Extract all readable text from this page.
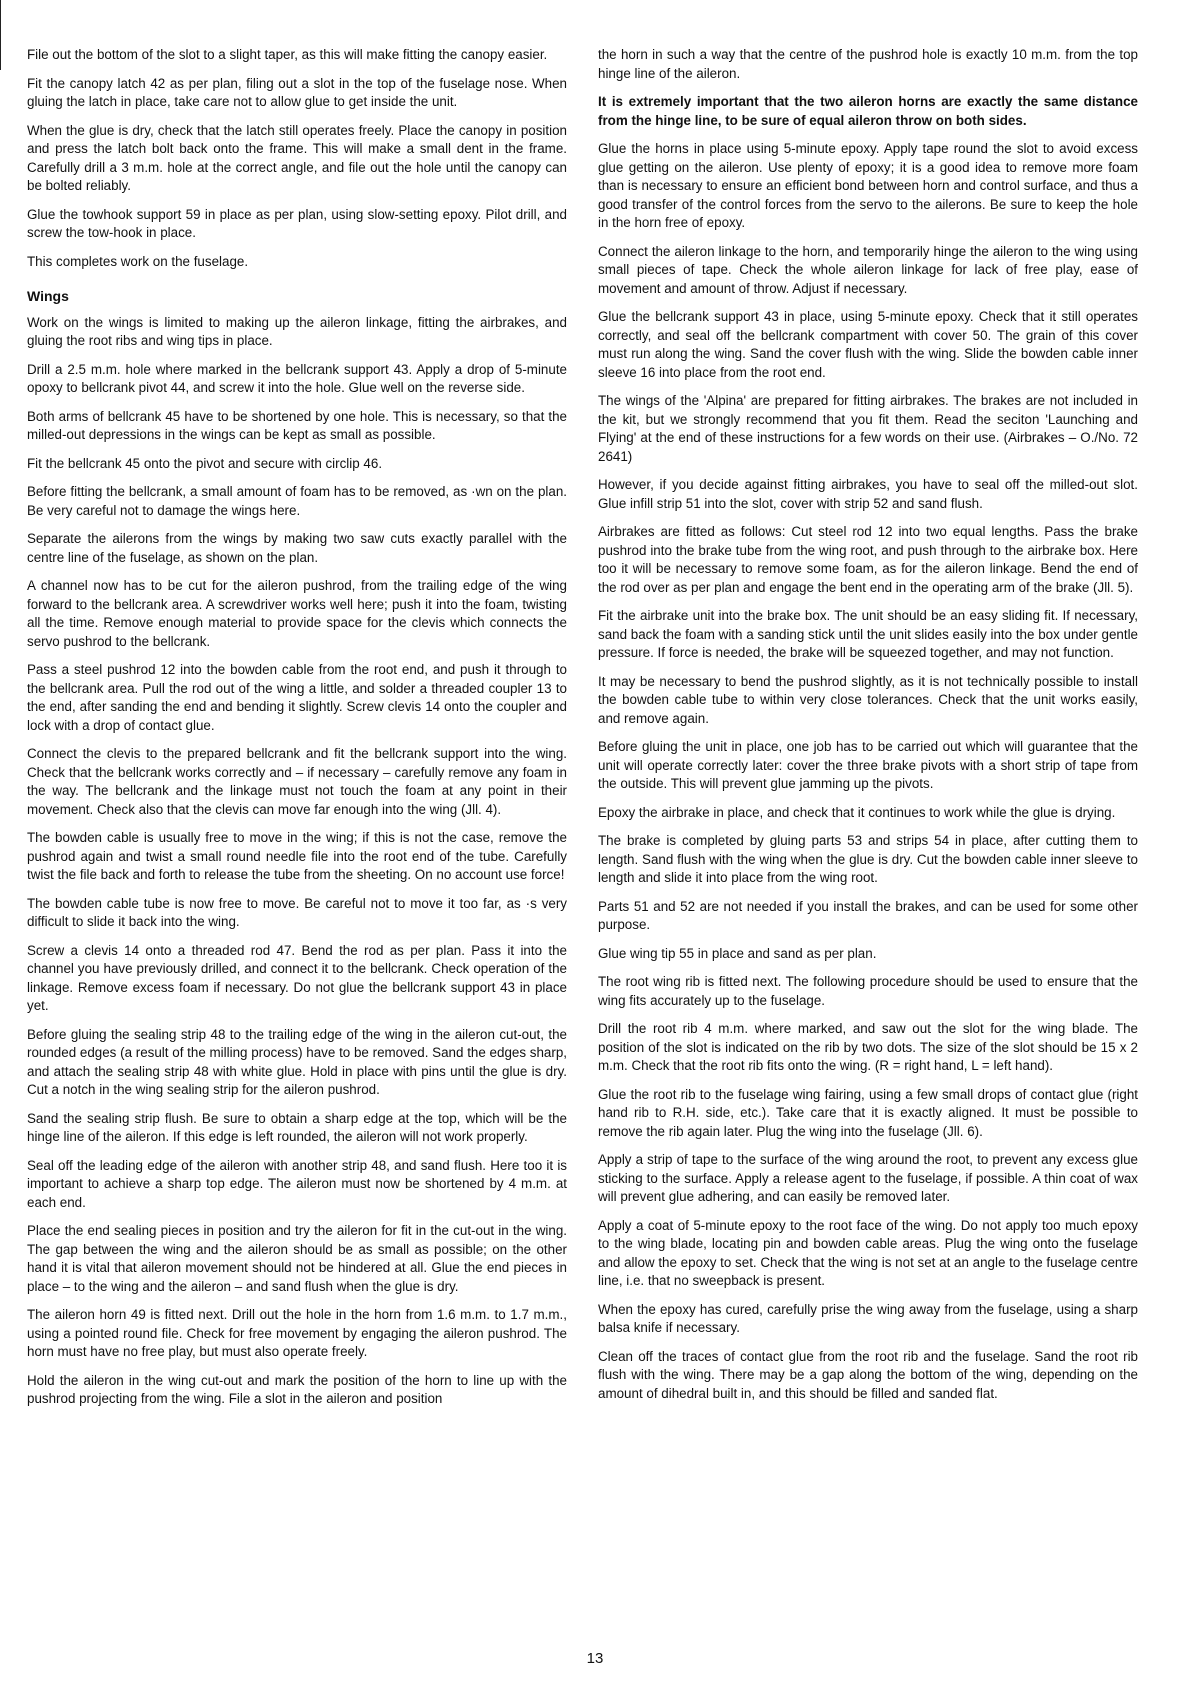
File out the bottom of the slot to a slight taper, as this will make fitting the canopy easier.

Fit the canopy latch 42 as per plan, filing out a slot in the top of the fuselage nose. When gluing the latch in place, take care not to allow glue to get inside the unit.

When the glue is dry, check that the latch still operates freely. Place the canopy in position and press the latch bolt back onto the frame. This will make a small dent in the frame. Carefully drill a 3 m.m. hole at the correct angle, and file out the hole until the canopy can be bolted reliably.

Glue the towhook support 59 in place as per plan, using slow-setting epoxy. Pilot drill, and screw the tow-hook in place.

This completes work on the fuselage.

Wings

Work on the wings is limited to making up the aileron linkage, fitting the airbrakes, and gluing the root ribs and wing tips in place.

Drill a 2.5 m.m. hole where marked in the bellcrank support 43. Apply a drop of 5-minute opoxy to bellcrank pivot 44, and screw it into the hole. Glue well on the reverse side.

Both arms of bellcrank 45 have to be shortened by one hole. This is necessary, so that the milled-out depressions in the wings can be kept as small as possible.

Fit the bellcrank 45 onto the pivot and secure with circlip 46.

Before fitting the bellcrank, a small amount of foam has to be removed, as ·wn on the plan. Be very careful not to damage the wings here.

Separate the ailerons from the wings by making two saw cuts exactly parallel with the centre line of the fuselage, as shown on the plan.

A channel now has to be cut for the aileron pushrod, from the trailing edge of the wing forward to the bellcrank area. A screwdriver works well here; push it into the foam, twisting all the time. Remove enough material to provide space for the clevis which connects the servo pushrod to the bellcrank.

Pass a steel pushrod 12 into the bowden cable from the root end, and push it through to the bellcrank area. Pull the rod out of the wing a little, and solder a threaded coupler 13 to the end, after sanding the end and bending it slightly. Screw clevis 14 onto the coupler and lock with a drop of contact glue.

Connect the clevis to the prepared bellcrank and fit the bellcrank support into the wing. Check that the bellcrank works correctly and – if necessary – carefully remove any foam in the way. The bellcrank and the linkage must not touch the foam at any point in their movement. Check also that the clevis can move far enough into the wing (Jll. 4).

The bowden cable is usually free to move in the wing; if this is not the case, remove the pushrod again and twist a small round needle file into the root end of the tube. Carefully twist the file back and forth to release the tube from the sheeting. On no account use force!

The bowden cable tube is now free to move. Be careful not to move it too far, as ·s very difficult to slide it back into the wing.

Screw a clevis 14 onto a threaded rod 47. Bend the rod as per plan. Pass it into the channel you have previously drilled, and connect it to the bellcrank. Check operation of the linkage. Remove excess foam if necessary. Do not glue the bellcrank support 43 in place yet.

Before gluing the sealing strip 48 to the trailing edge of the wing in the aileron cut-out, the rounded edges (a result of the milling process) have to be removed. Sand the edges sharp, and attach the sealing strip 48 with white glue. Hold in place with pins until the glue is dry. Cut a notch in the wing sealing strip for the aileron pushrod.

Sand the sealing strip flush. Be sure to obtain a sharp edge at the top, which will be the hinge line of the aileron. If this edge is left rounded, the aileron will not work properly.

Seal off the leading edge of the aileron with another strip 48, and sand flush. Here too it is important to achieve a sharp top edge. The aileron must now be shortened by 4 m.m. at each end.

Place the end sealing pieces in position and try the aileron for fit in the cut-out in the wing. The gap between the wing and the aileron should be as small as possible; on the other hand it is vital that aileron movement should not be hindered at all. Glue the end pieces in place – to the wing and the aileron – and sand flush when the glue is dry.

The aileron horn 49 is fitted next. Drill out the hole in the horn from 1.6 m.m. to 1.7 m.m., using a pointed round file. Check for free movement by engaging the aileron pushrod. The horn must have no free play, but must also operate freely.

Hold the aileron in the wing cut-out and mark the position of the horn to line up with the pushrod projecting from the wing. File a slot in the aileron and position

the horn in such a way that the centre of the pushrod hole is exactly 10 m.m. from the top hinge line of the aileron.

It is extremely important that the two aileron horns are exactly the same distance from the hinge line, to be sure of equal aileron throw on both sides.

Glue the horns in place using 5-minute epoxy. Apply tape round the slot to avoid excess glue getting on the aileron. Use plenty of epoxy; it is a good idea to remove more foam than is necessary to ensure an efficient bond between horn and control surface, and thus a good transfer of the control forces from the servo to the ailerons. Be sure to keep the hole in the horn free of epoxy.

Connect the aileron linkage to the horn, and temporarily hinge the aileron to the wing using small pieces of tape. Check the whole aileron linkage for lack of free play, ease of movement and amount of throw. Adjust if necessary.

Glue the bellcrank support 43 in place, using 5-minute epoxy. Check that it still operates correctly, and seal off the bellcrank compartment with cover 50. The grain of this cover must run along the wing. Sand the cover flush with the wing. Slide the bowden cable inner sleeve 16 into place from the root end.

The wings of the 'Alpina' are prepared for fitting airbrakes. The brakes are not included in the kit, but we strongly recommend that you fit them. Read the seciton 'Launching and Flying' at the end of these instructions for a few words on their use. (Airbrakes – O./No. 72 2641)

However, if you decide against fitting airbrakes, you have to seal off the milled-out slot. Glue infill strip 51 into the slot, cover with strip 52 and sand flush.

Airbrakes are fitted as follows: Cut steel rod 12 into two equal lengths. Pass the brake pushrod into the brake tube from the wing root, and push through to the airbrake box. Here too it will be necessary to remove some foam, as for the aileron linkage. Bend the end of the rod over as per plan and engage the bent end in the operating arm of the brake (Jll. 5).

Fit the airbrake unit into the brake box. The unit should be an easy sliding fit. If necessary, sand back the foam with a sanding stick until the unit slides easily into the box under gentle pressure. If force is needed, the brake will be squeezed together, and may not function.

It may be necessary to bend the pushrod slightly, as it is not technically possible to install the bowden cable tube to within very close tolerances. Check that the unit works easily, and remove again.

Before gluing the unit in place, one job has to be carried out which will guarantee that the unit will operate correctly later: cover the three brake pivots with a short strip of tape from the outside. This will prevent glue jamming up the pivots.

Epoxy the airbrake in place, and check that it continues to work while the glue is drying.

The brake is completed by gluing parts 53 and strips 54 in place, after cutting them to length. Sand flush with the wing when the glue is dry. Cut the bowden cable inner sleeve to length and slide it into place from the wing root.

Parts 51 and 52 are not needed if you install the brakes, and can be used for some other purpose.

Glue wing tip 55 in place and sand as per plan.

The root wing rib is fitted next. The following procedure should be used to ensure that the wing fits accurately up to the fuselage.

Drill the root rib 4 m.m. where marked, and saw out the slot for the wing blade. The position of the slot is indicated on the rib by two dots. The size of the slot should be 15 x 2 m.m. Check that the root rib fits onto the wing. (R = right hand, L = left hand).

Glue the root rib to the fuselage wing fairing, using a few small drops of contact glue (right hand rib to R.H. side, etc.). Take care that it is exactly aligned. It must be possible to remove the rib again later. Plug the wing into the fuselage (Jll. 6).

Apply a strip of tape to the surface of the wing around the root, to prevent any excess glue sticking to the surface. Apply a release agent to the fuselage, if possible. A thin coat of wax will prevent glue adhering, and can easily be removed later.

Apply a coat of 5-minute epoxy to the root face of the wing. Do not apply too much epoxy to the wing blade, locating pin and bowden cable areas. Plug the wing onto the fuselage and allow the epoxy to set. Check that the wing is not set at an angle to the fuselage centre line, i.e. that no sweepback is present.

When the epoxy has cured, carefully prise the wing away from the fuselage, using a sharp balsa knife if necessary.

Clean off the traces of contact glue from the root rib and the fuselage. Sand the root rib flush with the wing. There may be a gap along the bottom of the wing, depending on the amount of dihedral built in, and this should be filled and sanded flat.

13
